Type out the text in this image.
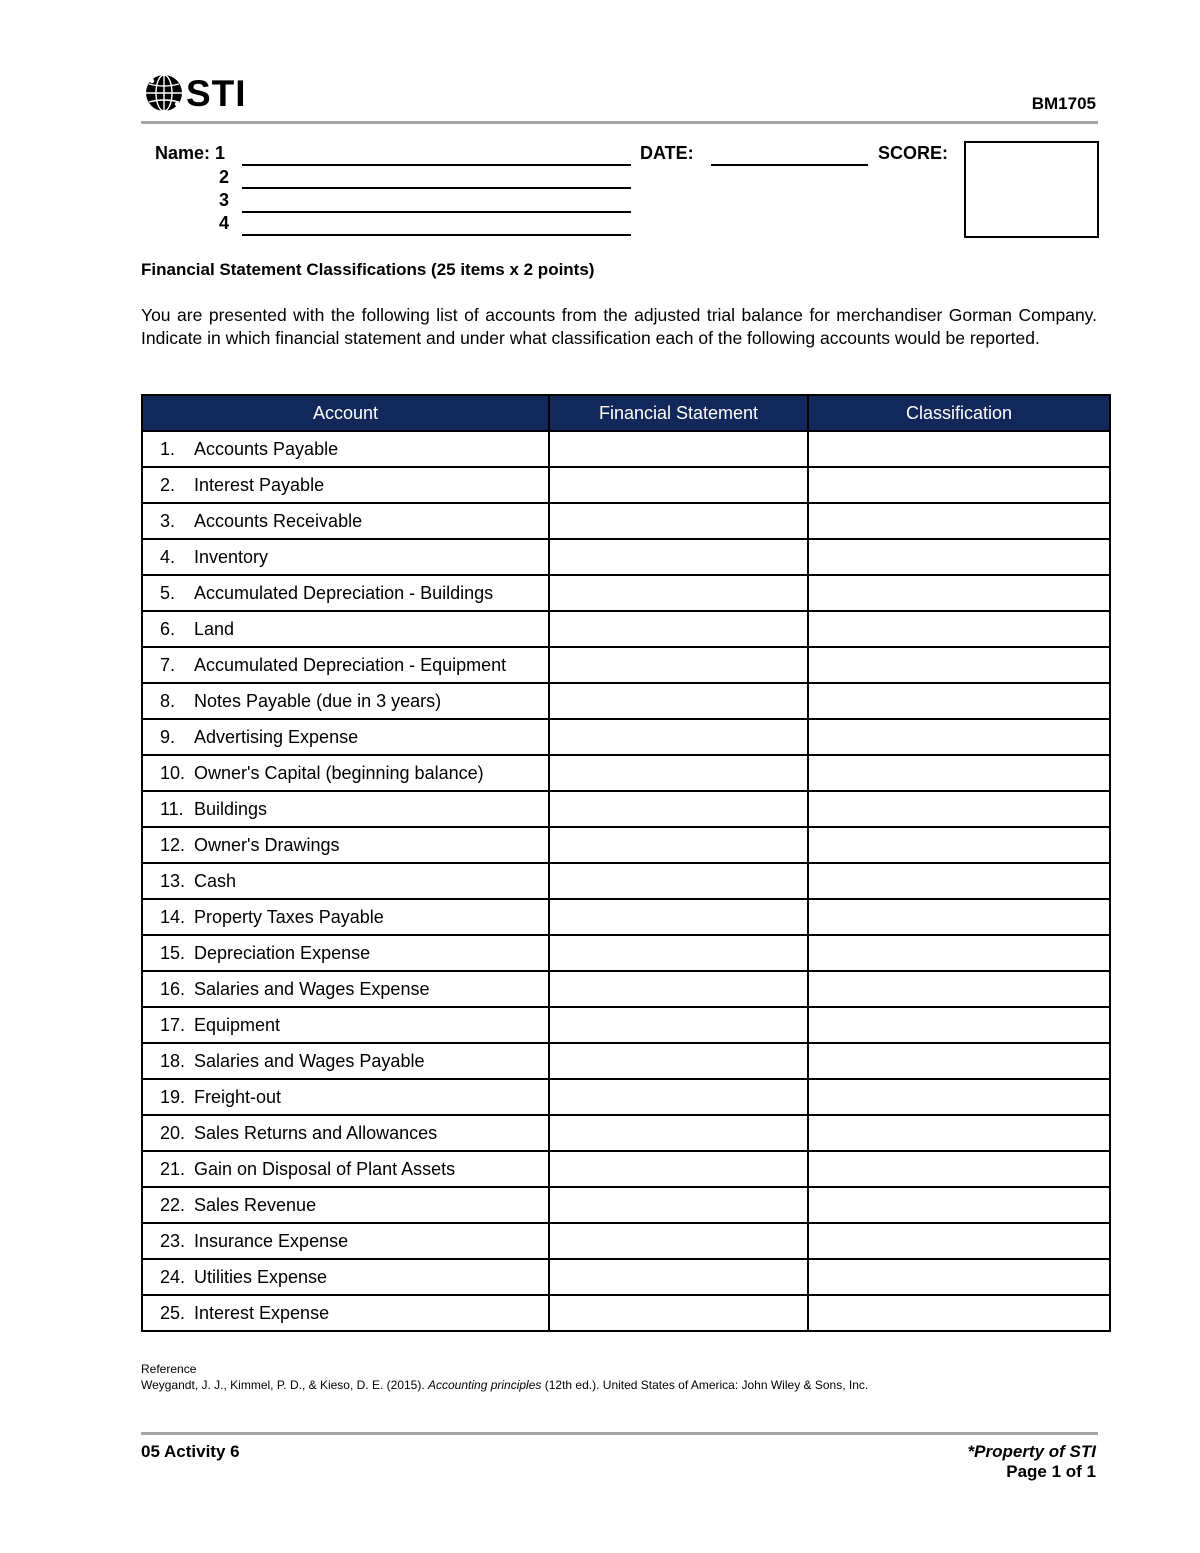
STI	BM1705
Name: 1
2
3
4
DATE:	SCORE:
Financial Statement Classifications (25 items x 2 points)
You are presented with the following list of accounts from the adjusted trial balance for merchandiser Gorman Company. Indicate in which financial statement and under what classification each of the following accounts would be reported.
Account	Financial Statement	Classification
1. Accounts Payable		
2. Interest Payable		
3. Accounts Receivable		
4. Inventory		
5. Accumulated Depreciation - Buildings		
6. Land		
7. Accumulated Depreciation - Equipment		
8. Notes Payable (due in 3 years)		
9. Advertising Expense		
10. Owner's Capital (beginning balance)		
11. Buildings		
12. Owner's Drawings		
13. Cash		
14. Property Taxes Payable		
15. Depreciation Expense		
16. Salaries and Wages Expense		
17. Equipment		
18. Salaries and Wages Payable		
19. Freight-out		
20. Sales Returns and Allowances		
21. Gain on Disposal of Plant Assets		
22. Sales Revenue		
23. Insurance Expense		
24. Utilities Expense		
25. Interest Expense		
Reference
Weygandt, J. J., Kimmel, P. D., & Kieso, D. E. (2015). Accounting principles (12th ed.). United States of America: John Wiley & Sons, Inc.
05 Activity 6	*Property of STI
Page 1 of 1
